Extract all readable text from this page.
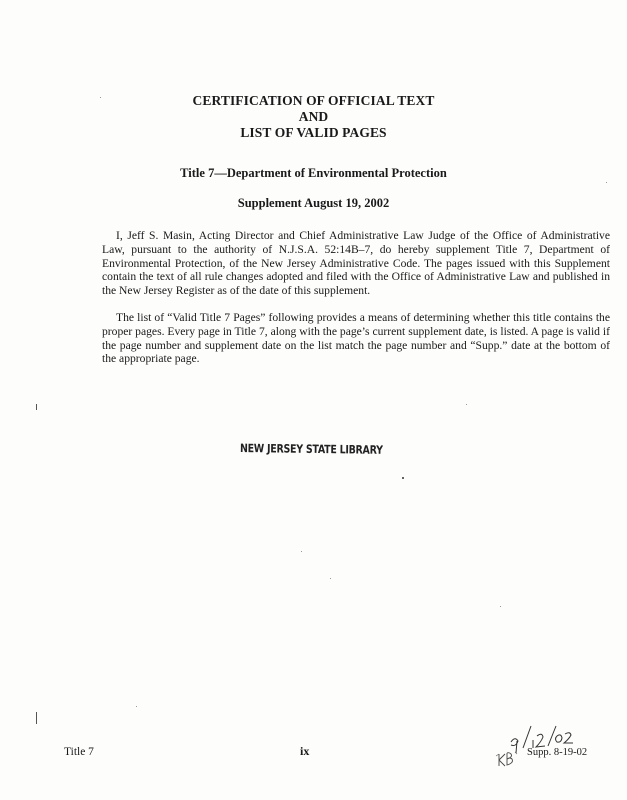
CERTIFICATION OF OFFICIAL TEXT
AND
LIST OF VALID PAGES
Title 7—Department of Environmental Protection
Supplement August 19, 2002
I, Jeff S. Masin, Acting Director and Chief Administrative Law Judge of the Office of Administrative Law, pursuant to the authority of N.J.S.A. 52:14B–7, do hereby supplement Title 7, Department of Environmental Protection, of the New Jersey Administrative Code. The pages issued with this Supplement contain the text of all rule changes adopted and filed with the Office of Administrative Law and published in the New Jersey Register as of the date of this supplement.
The list of “Valid Title 7 Pages” following provides a means of determining whether this title contains the proper pages. Every page in Title 7, along with the page’s current supplement date, is listed. A page is valid if the page number and supplement date on the list match the page number and “Supp.” date at the bottom of the appropriate page.
NEW JERSEY STATE LIBRARY
Title 7	ix	Supp. 8-19-02
